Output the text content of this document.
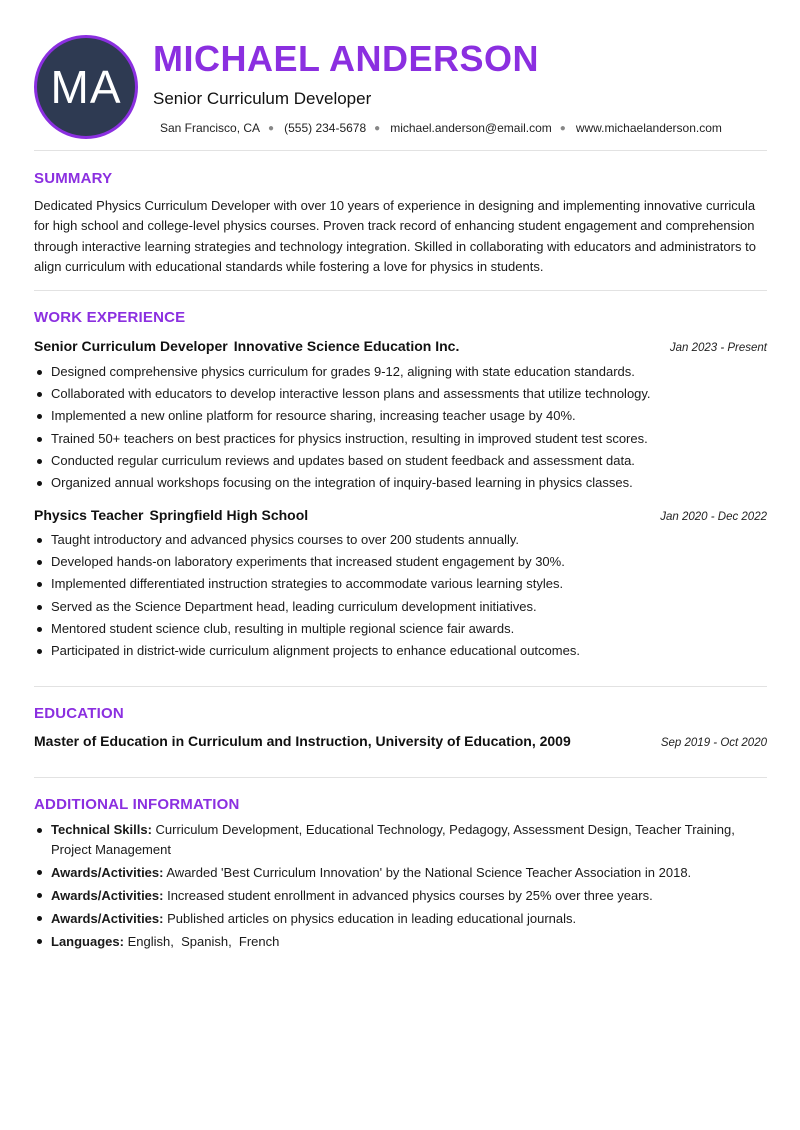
MA
MICHAEL ANDERSON
Senior Curriculum Developer
San Francisco, CA ● (555) 234-5678 ● michael.anderson@email.com ● www.michaelanderson.com
SUMMARY
Dedicated Physics Curriculum Developer with over 10 years of experience in designing and implementing innovative curricula for high school and college-level physics courses. Proven track record of enhancing student engagement and comprehension through interactive learning strategies and technology integration. Skilled in collaborating with educators and administrators to align curriculum with educational standards while fostering a love for physics in students.
WORK EXPERIENCE
Senior Curriculum Developer Innovative Science Education Inc.	Jan 2023 - Present
Designed comprehensive physics curriculum for grades 9-12, aligning with state education standards.
Collaborated with educators to develop interactive lesson plans and assessments that utilize technology.
Implemented a new online platform for resource sharing, increasing teacher usage by 40%.
Trained 50+ teachers on best practices for physics instruction, resulting in improved student test scores.
Conducted regular curriculum reviews and updates based on student feedback and assessment data.
Organized annual workshops focusing on the integration of inquiry-based learning in physics classes.
Physics Teacher Springfield High School	Jan 2020 - Dec 2022
Taught introductory and advanced physics courses to over 200 students annually.
Developed hands-on laboratory experiments that increased student engagement by 30%.
Implemented differentiated instruction strategies to accommodate various learning styles.
Served as the Science Department head, leading curriculum development initiatives.
Mentored student science club, resulting in multiple regional science fair awards.
Participated in district-wide curriculum alignment projects to enhance educational outcomes.
EDUCATION
Master of Education in Curriculum and Instruction, University of Education, 2009	Sep 2019 - Oct 2020
ADDITIONAL INFORMATION
Technical Skills: Curriculum Development, Educational Technology, Pedagogy, Assessment Design, Teacher Training, Project Management
Awards/Activities: Awarded 'Best Curriculum Innovation' by the National Science Teacher Association in 2018.
Awards/Activities: Increased student enrollment in advanced physics courses by 25% over three years.
Awards/Activities: Published articles on physics education in leading educational journals.
Languages: English,  Spanish,  French
